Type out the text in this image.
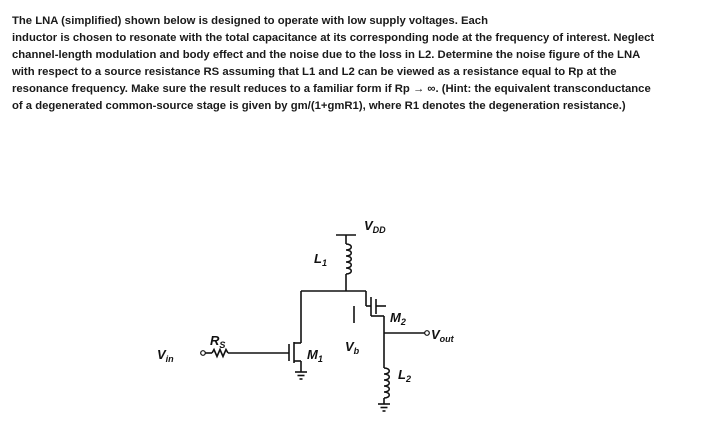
The LNA (simplified) shown below is designed to operate with low supply voltages. Each
inductor is chosen to resonate with the total capacitance at its corresponding node at the frequency of interest. Neglect
channel-length modulation and body effect and the noise due to the loss in L2. Determine the noise figure of the LNA
with respect to a source resistance RS assuming that L1 and L2 can be viewed as a resistance equal to Rp at the
resonance frequency. Make sure the result reduces to a familiar form if Rp → ∞. (Hint: the equivalent transconductance
of a degenerated common-source stage is given by gm/(1+gmR1), where R1 denotes the degeneration resistance.)
$V_{DD}$
$L_1$
$M_2$
$R_S$
$V_{out}$
$V_{in}$	$M_1$
$V_b$
$L_2$
